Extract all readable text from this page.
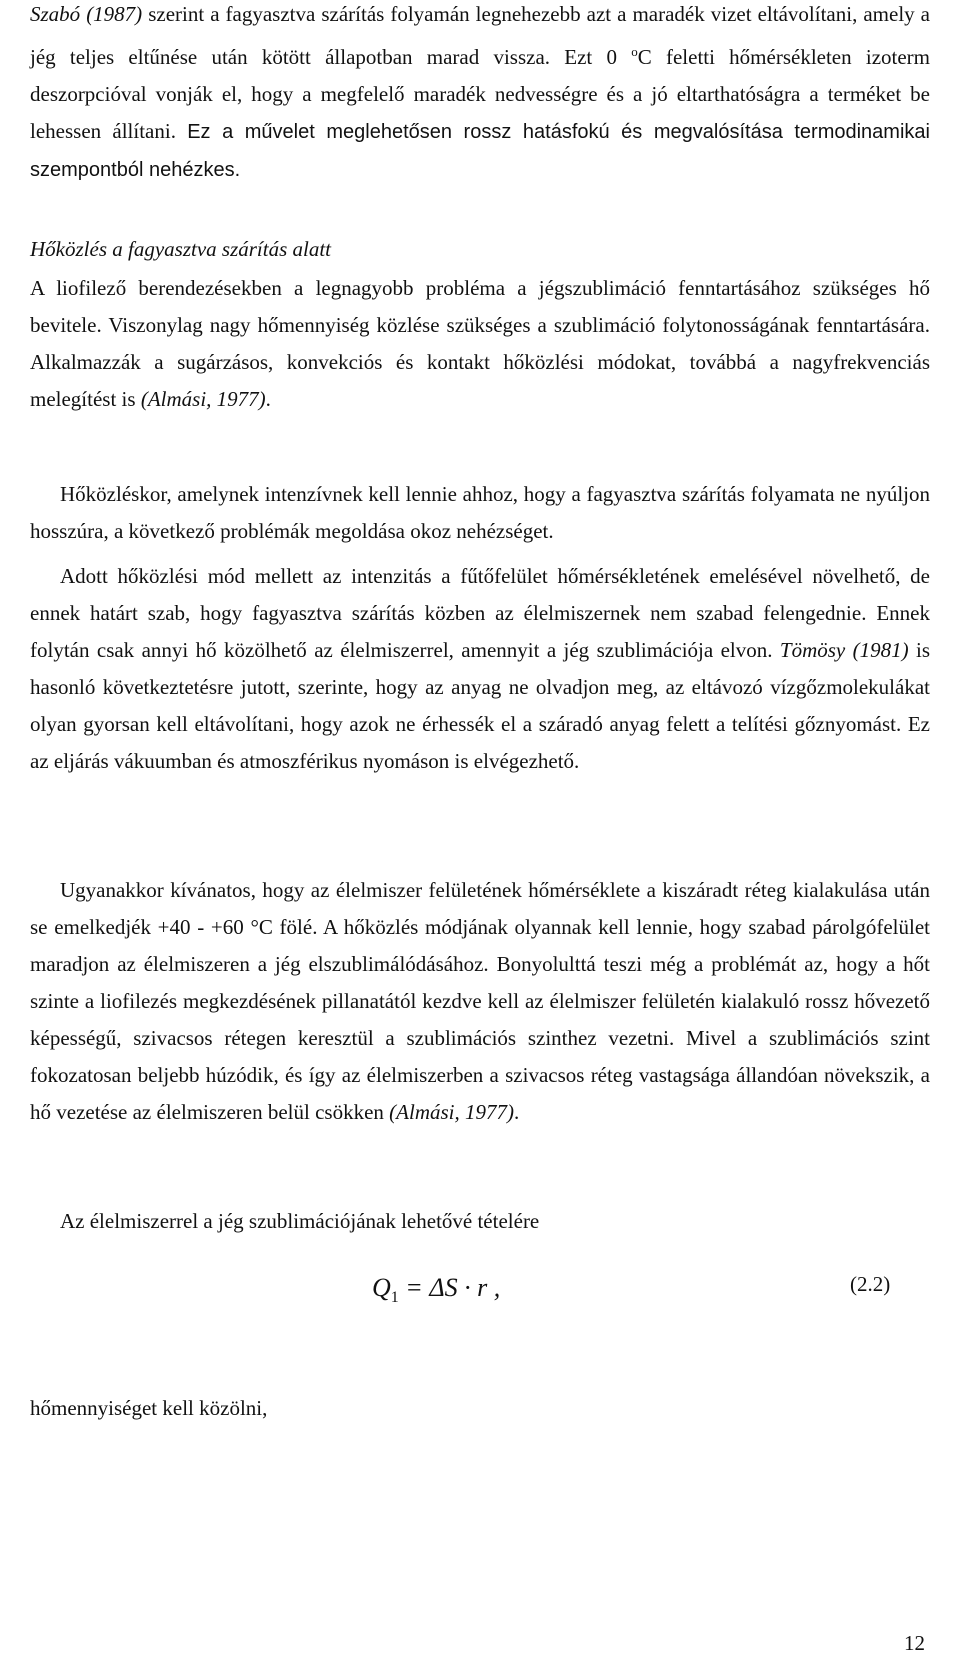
Szabó (1987) szerint a fagyasztva szárítás folyamán legnehezebb azt a maradék vizet eltávolítani, amely a jég teljes eltűnése után kötött állapotban marad vissza. Ezt 0 $^o$C feletti hőmérsékleten izoterm deszorpcióval vonják el, hogy a megfelelő maradék nedvességre és a jó eltarthatóságra a terméket be lehessen állítani. Ez a művelet meglehetősen rossz hatásfokú és megvalósítása termodinamikai szempontból nehézkes.

Hőközlés a fagyasztva szárítás alatt

A liofilező berendezésekben a legnagyobb probléma a jégszublimáció fenntartásához szükséges hő bevitele. Viszonylag nagy hőmennyiség közlése szükséges a szublimáció folytonosságának fenntartására. Alkalmazzák a sugárzásos, konvekciós és kontakt hőközlési módokat, továbbá a nagyfrekvenciás melegítést is (Almási, 1977).

Hőközléskor, amelynek intenzívnek kell lennie ahhoz, hogy a fagyasztva szárítás folyamata ne nyúljon hosszúra, a következő problémák megoldása okoz nehézséget.

Adott hőközlési mód mellett az intenzitás a fűtőfelület hőmérsékletének emelésével növelhető, de ennek határt szab, hogy fagyasztva szárítás közben az élelmiszernek nem szabad felengednie. Ennek folytán csak annyi hő közölhető az élelmiszerrel, amennyit a jég szublimációja elvon. Tömösy (1981) is hasonló következtetésre jutott, szerinte, hogy az anyag ne olvadjon meg, az eltávozó vízgőzmolekulákat olyan gyorsan kell eltávolítani, hogy azok ne érhessék el a száradó anyag felett a telítési gőznyomást. Ez az eljárás vákuumban és atmoszférikus nyomáson is elvégezhető.

Ugyanakkor kívánatos, hogy az élelmiszer felületének hőmérséklete a kiszáradt réteg kialakulása után se emelkedjék +40 - +60 °C fölé. A hőközlés módjának olyannak kell lennie, hogy szabad párolgófelület maradjon az élelmiszeren a jég elszublimálódásához. Bonyolulttá teszi még a problémát az, hogy a hőt szinte a liofilezés megkezdésének pillanatától kezdve kell az élelmiszer felületén kialakuló rossz hővezető képességű, szivacsos rétegen keresztül a szublimációs szinthez vezetni. Mivel a szublimációs szint fokozatosan beljebb húzódik, és így az élelmiszerben a szivacsos réteg vastagsága állandóan növekszik, a hő vezetése az élelmiszeren belül csökken (Almási, 1977).

Az élelmiszerrel a jég szublimációjának lehetővé tételére

$Q_1 = \Delta S \cdot r$ ,	(2.2)

hőmennyiséget kell közölni,

12
